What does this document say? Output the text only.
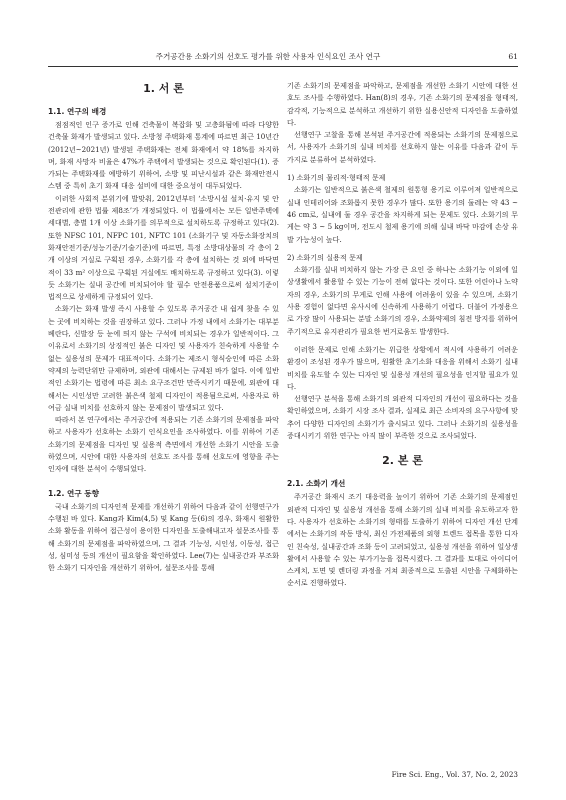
주거공간용 소화기의 선호도 평가를 위한 사용자 인식요인 조사 연구	61
1. 서 론
1.1. 연구의 배경

점점적인 인구 증가로 인해 건축물이 복잡화 및 고층화됨에 따라 다양한 건축물 화재가 발생되고 있다. 소방청 주택화재 통계에 따르면 최근 10년간(2012년~2021년) 발생된 주택화재는 전체 화재에서 약 18%를 차지하며, 화재 사망자 비율은 47%가 주택에서 발생되는 것으로 확인된다(1). 증가되는 주택화재를 예방하기 위하여, 소방 및 피난시설과 같은 화재안전시스템 중 특히 초기 화재 대응 설비에 대한 중요성이 대두되었다.

이러한 사회적 분위기에 발맞춰, 2012년부터 ‘소방시설 설치·유지 및 안전관리에 관한 법률 제8조’가 개정되었다. 이 법률에서는 모든 일반주택에 세대별, 층별 1개 이상 소화기를 의무적으로 설치하도록 규정하고 있다(2). 또한 NFSC 101, NFPC 101, NFTC 101 (소화기구 및 자동소화장치의 화재안전기준/성능기준/기술기준)에 따르면, 특정 소방대상물의 각 층이 2개 이상의 거실로 구획된 경우, 소화기를 각 층에 설치하는 것 외에 바닥면적이 33 m² 이상으로 구획된 거실에도 배치하도록 규정하고 있다(3). 이렇듯 소화기는 실내 공간에 비치되어야 할 필수 안전용품으로써 설치기준이 법적으로 상세하게 규정되어 있다.

소화기는 화재 발생 즉시 사용할 수 있도록 주거공간 내 쉽게 찾을 수 있는 곳에 비치하는 것을 권장하고 있다. 그러나 가정 내에서 소화기는 대부분 베란다, 신발장 등 눈에 띄지 않는 구석에 비치되는 경우가 일반적이다. 그 이유로서 소화기의 상징적인 붉은 디자인 및 사용자가 친숙하게 사용할 수 없는 실용성의 문제가 대표적이다. 소화기는 제조시 형식승인에 따른 소화약제의 능력단위만 규제하며, 외관에 대해서는 규제된 바가 없다. 이에 일반적인 소화기는 법령에 따른 최소 요구조건만 만족시키기 때문에, 외관에 대해서는 시인성만 고려한 붉은색 철제 디자인이 적용됨으로써, 사용자로 하여금 실내 비치를 선호하지 않는 문제점이 발생되고 있다.

따라서 본 연구에서는 주거공간에 적용되는 기존 소화기의 문제점을 파악하고 사용자가 선호하는 소화기 인식요인을 조사하였다. 이를 위하여 기존 소화기의 문제점을 디자인 및 실용적 측면에서 개선한 소화기 시안을 도출하였으며, 시안에 대한 사용자의 선호도 조사를 통해 선호도에 영향을 주는 인자에 대한 분석이 수행되었다.

1.2. 연구 동향

국내 소화기의 디자인적 문제를 개선하기 위하여 다음과 같이 선행연구가 수행된 바 있다. Kang과 Kim(4,5) 및 Kang 등(6)의 경우, 화재시 원활한 소화 활동을 위하여 접근성이 용이한 디자인을 도출해내고자 설문조사를 통해 소화기의 문제점을 파악하였으며, 그 결과 기능성, 시인성, 이동성, 접근성, 심미성 등의 개선이 필요함을 확인하였다. Lee(7)는 실내공간과 부조화한 소화기 디자인을 개선하기 위하여, 설문조사를 통해

기존 소화기의 문제점을 파악하고, 문제점을 개선한 소화기 시안에 대한 선호도 조사를 수행하였다. Han(8)의 경우, 기존 소화기의 문제점을 형태적, 감각적, 기능적으로 분석하고 개선하기 위한 실용신안적 디자인을 도출하였다.

선행연구 고찰을 통해 본석된 주거공간에 적용되는 소화기의 문제점으로서, 사용자가 소화기의 실내 비치를 선호하지 않는 이유를 다음과 같이 두 가지로 분류하여 분석하였다.

1) 소화기의 물리적·형태적 문제

소화기는 일반적으로 붉은색 철제의 원통형 용기로 이루어져 일반적으로 실내 인테리어와 조화롭지 못한 경우가 많다. 또한 용기의 둘레는 약 43 ~ 46 cm로, 실내에 둘 경우 공간을 차지하게 되는 문제도 있다. 소화기의 무게는 약 3 ~ 5 kg이며, 전도시 철제 용기에 의해 실내 바닥 마감에 손상 유발 가능성이 높다.

2) 소화기의 실용적 문제

소화기를 실내 비치하지 않는 가장 큰 요인 중 하나는 소화기능 이외에 일상생활에서 활용할 수 있는 기능이 전혀 없다는 것이다. 또한 어린아나 노약자의 경우, 소화기의 무게로 인해 사용에 어려움이 있을 수 있으며, 소화기 사용 경험이 없다면 유사시에 신속하게 사용하기 어렵다. 더불어 가정용으로 가장 많이 사용되는 분말 소화기의 경우, 소화약제의 침전 방지를 위하여 주기적으로 유지관리가 필요한 번거로움도 발생한다.

이러한 문제로 인해 소화기는 위급한 상황에서 적시에 사용하기 어려운 환경이 조성된 경우가 많으며, 원활한 초기소화 대응을 위해서 소화기 실내 비치를 유도할 수 있는 디자인 및 실용성 개선의 필요성을 인지할 필요가 있다.

선행연구 분석을 통해 소화기의 외관적 디자인의 개선이 필요하다는 것을 확인하였으며, 소화기 시장 조사 결과, 실제로 최근 소비자의 요구사항에 맞추어 다양한 디자인의 소화기가 출시되고 있다. 그러나 소화기의 실용성을 증대시키기 위한 연구는 아직 많이 부족한 것으로 조사되었다.

2. 본 론
2.1. 소화기 개선

주거공간 화재시 조기 대응력을 높이기 위하여 기존 소화기의 문제점인 외관적 디자인 및 실용성 개선을 통해 소화기의 실내 비치를 유도하고자 한다. 사용자가 선호하는 소화기의 형태를 도출하기 위하여 디자인 개선 단계에서는 소화기의 작동 방식, 최신 가전제품의 외형 트렌드 접목을 통한 디자인 친숙성, 실내공간과 조화 등이 고려되었고, 실용성 개선을 위하여 일상생활에서 사용할 수 있는 부가기능을 접목시켰다. 그 결과를 토대로 아이디어 스케치, 도면 및 렌더링 과정을 거쳐 최종적으로 도출된 시안을 구체화하는 순서로 진행하였다.

Fire Sci. Eng., Vol. 37, No. 2, 2023
